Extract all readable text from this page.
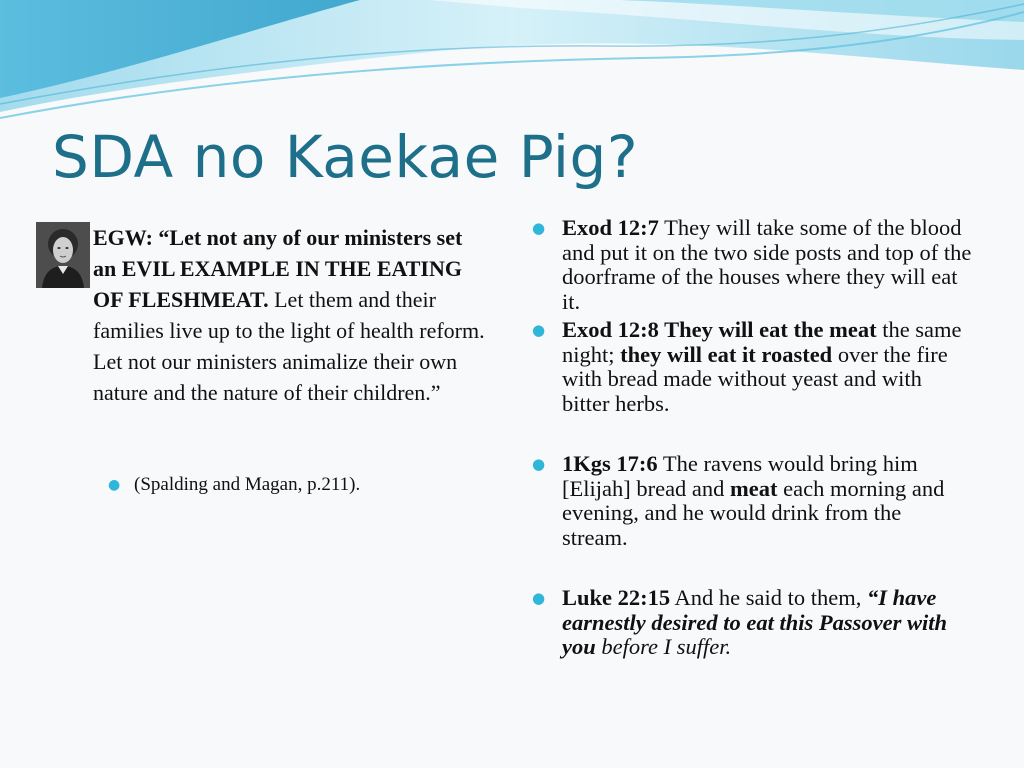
SDA no Kaekae Pig?

EGW: “Let not any of our ministers set an EVIL EXAMPLE IN THE EATING OF FLESHMEAT. Let them and their families live up to the light of health reform. Let not our ministers animalize their own nature and the nature of their children.”

● (Spalding and Magan, p.211).
● Exod 12:7 They will take some of the blood and put it on the two side posts and top of the doorframe of the houses where they will eat it.
● Exod 12:8 They will eat the meat the same night; they will eat it roasted over the fire with bread made without yeast and with bitter herbs.
● 1Kgs 17:6 The ravens would bring him [Elijah] bread and meat each morning and evening, and he would drink from the stream.
● Luke 22:15 And he said to them, “I have earnestly desired to eat this Passover with you before I suffer.
